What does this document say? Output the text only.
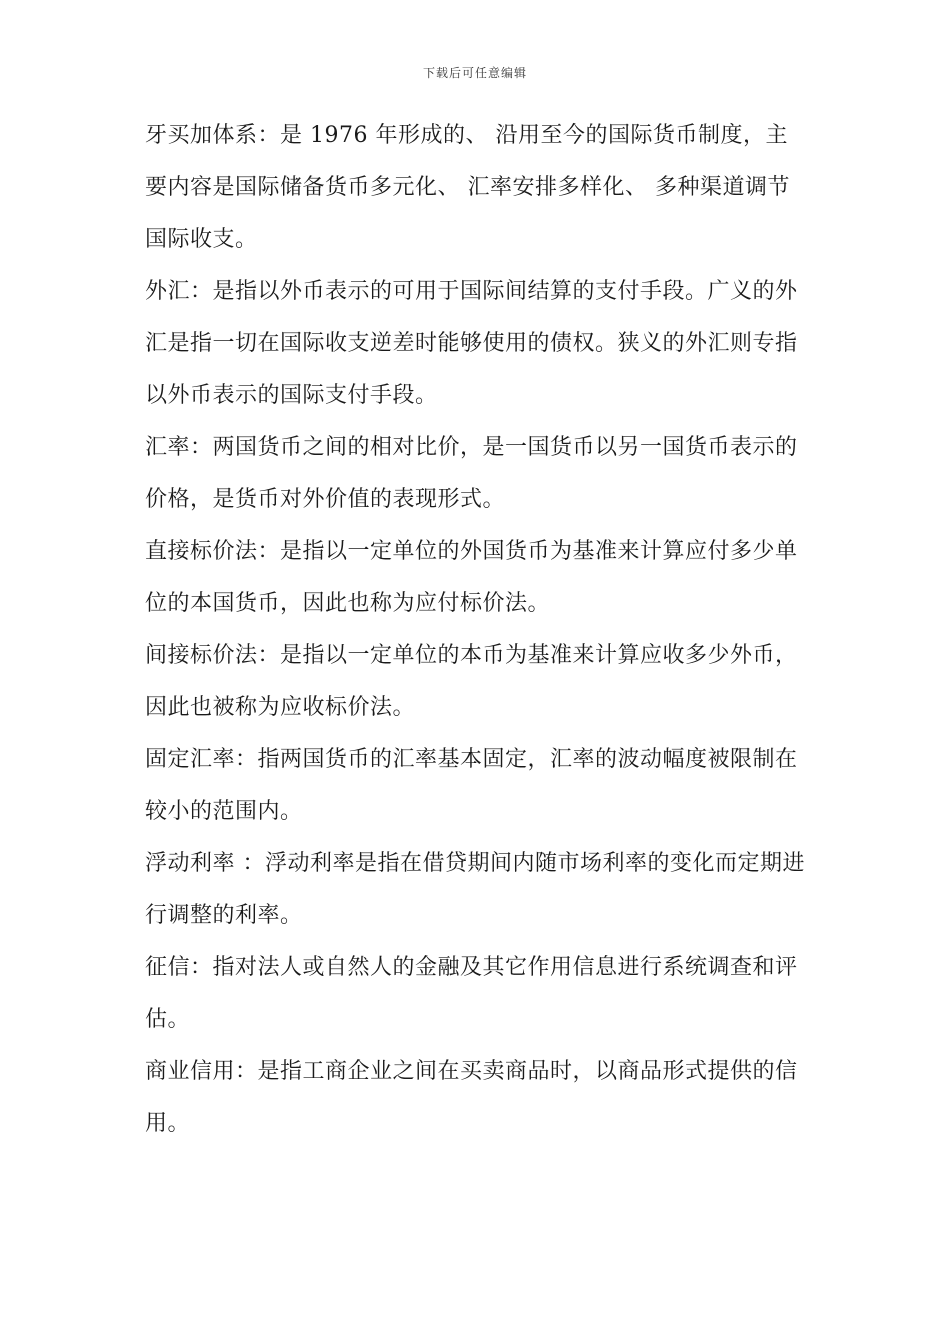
下载后可任意编辑

牙买加体系：是 1976 年形成的、 沿用至今的国际货币制度，主要内容是国际储备货币多元化、 汇率安排多样化、 多种渠道调节国际收支。

外汇：是指以外币表示的可用于国际间结算的支付手段。广义的外汇是指一切在国际收支逆差时能够使用的债权。狭义的外汇则专指以外币表示的国际支付手段。

汇率：两国货币之间的相对比价，是一国货币以另一国货币表示的价格，是货币对外价值的表现形式。

直接标价法：是指以一定单位的外国货币为基准来计算应付多少单位的本国货币，因此也称为应付标价法。

间接标价法：是指以一定单位的本币为基准来计算应收多少外币，因此也被称为应收标价法。

固定汇率：指两国货币的汇率基本固定，汇率的波动幅度被限制在较小的范围内。

浮动利率 ：浮动利率是指在借贷期间内随市场利率的变化而定期进行调整的利率。

征信：指对法人或自然人的金融及其它作用信息进行系统调查和评估。

商业信用：是指工商企业之间在买卖商品时，以商品形式提供的信用。
